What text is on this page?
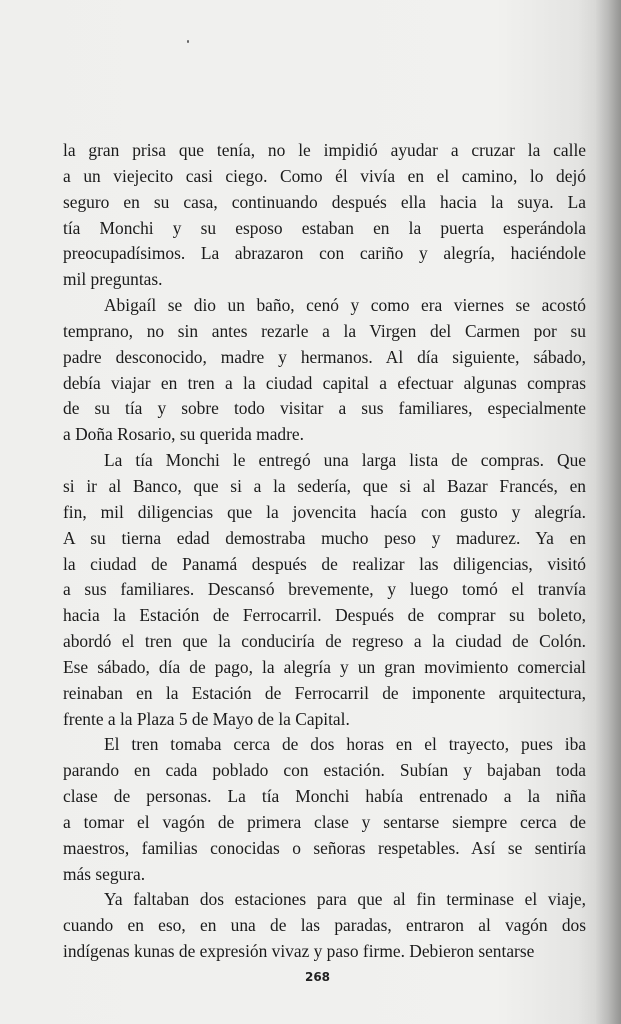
la gran prisa que tenía, no le impidió ayudar a cruzar la calle
a un viejecito casi ciego. Como él vivía en el camino, lo dejó
seguro en su casa, continuando después ella hacia la suya. La
tía Monchi y su esposo estaban en la puerta esperándola
preocupadísimos. La abrazaron con cariño y alegría, haciéndole
mil preguntas.
Abigaíl se dio un baño, cenó y como era viernes se acostó
temprano, no sin antes rezarle a la Virgen del Carmen por su
padre desconocido, madre y hermanos. Al día siguiente, sábado,
debía viajar en tren a la ciudad capital a efectuar algunas compras
de su tía y sobre todo visitar a sus familiares, especialmente
a Doña Rosario, su querida madre.
La tía Monchi le entregó una larga lista de compras. Que
si ir al Banco, que si a la sedería, que si al Bazar Francés, en
fin, mil diligencias que la jovencita hacía con gusto y alegría.
A su tierna edad demostraba mucho peso y madurez. Ya en
la ciudad de Panamá después de realizar las diligencias, visitó
a sus familiares. Descansó brevemente, y luego tomó el tranvía
hacia la Estación de Ferrocarril. Después de comprar su boleto,
abordó el tren que la conduciría de regreso a la ciudad de Colón.
Ese sábado, día de pago, la alegría y un gran movimiento comercial
reinaban en la Estación de Ferrocarril de imponente arquitectura,
frente a la Plaza 5 de Mayo de la Capital.
El tren tomaba cerca de dos horas en el trayecto, pues iba
parando en cada poblado con estación. Subían y bajaban toda
clase de personas. La tía Monchi había entrenado a la niña
a tomar el vagón de primera clase y sentarse siempre cerca de
maestros, familias conocidas o señoras respetables. Así se sentiría
más segura.
Ya faltaban dos estaciones para que al fin terminase el viaje,
cuando en eso, en una de las paradas, entraron al vagón dos
indígenas kunas de expresión vivaz y paso firme. Debieron sentarse
268
